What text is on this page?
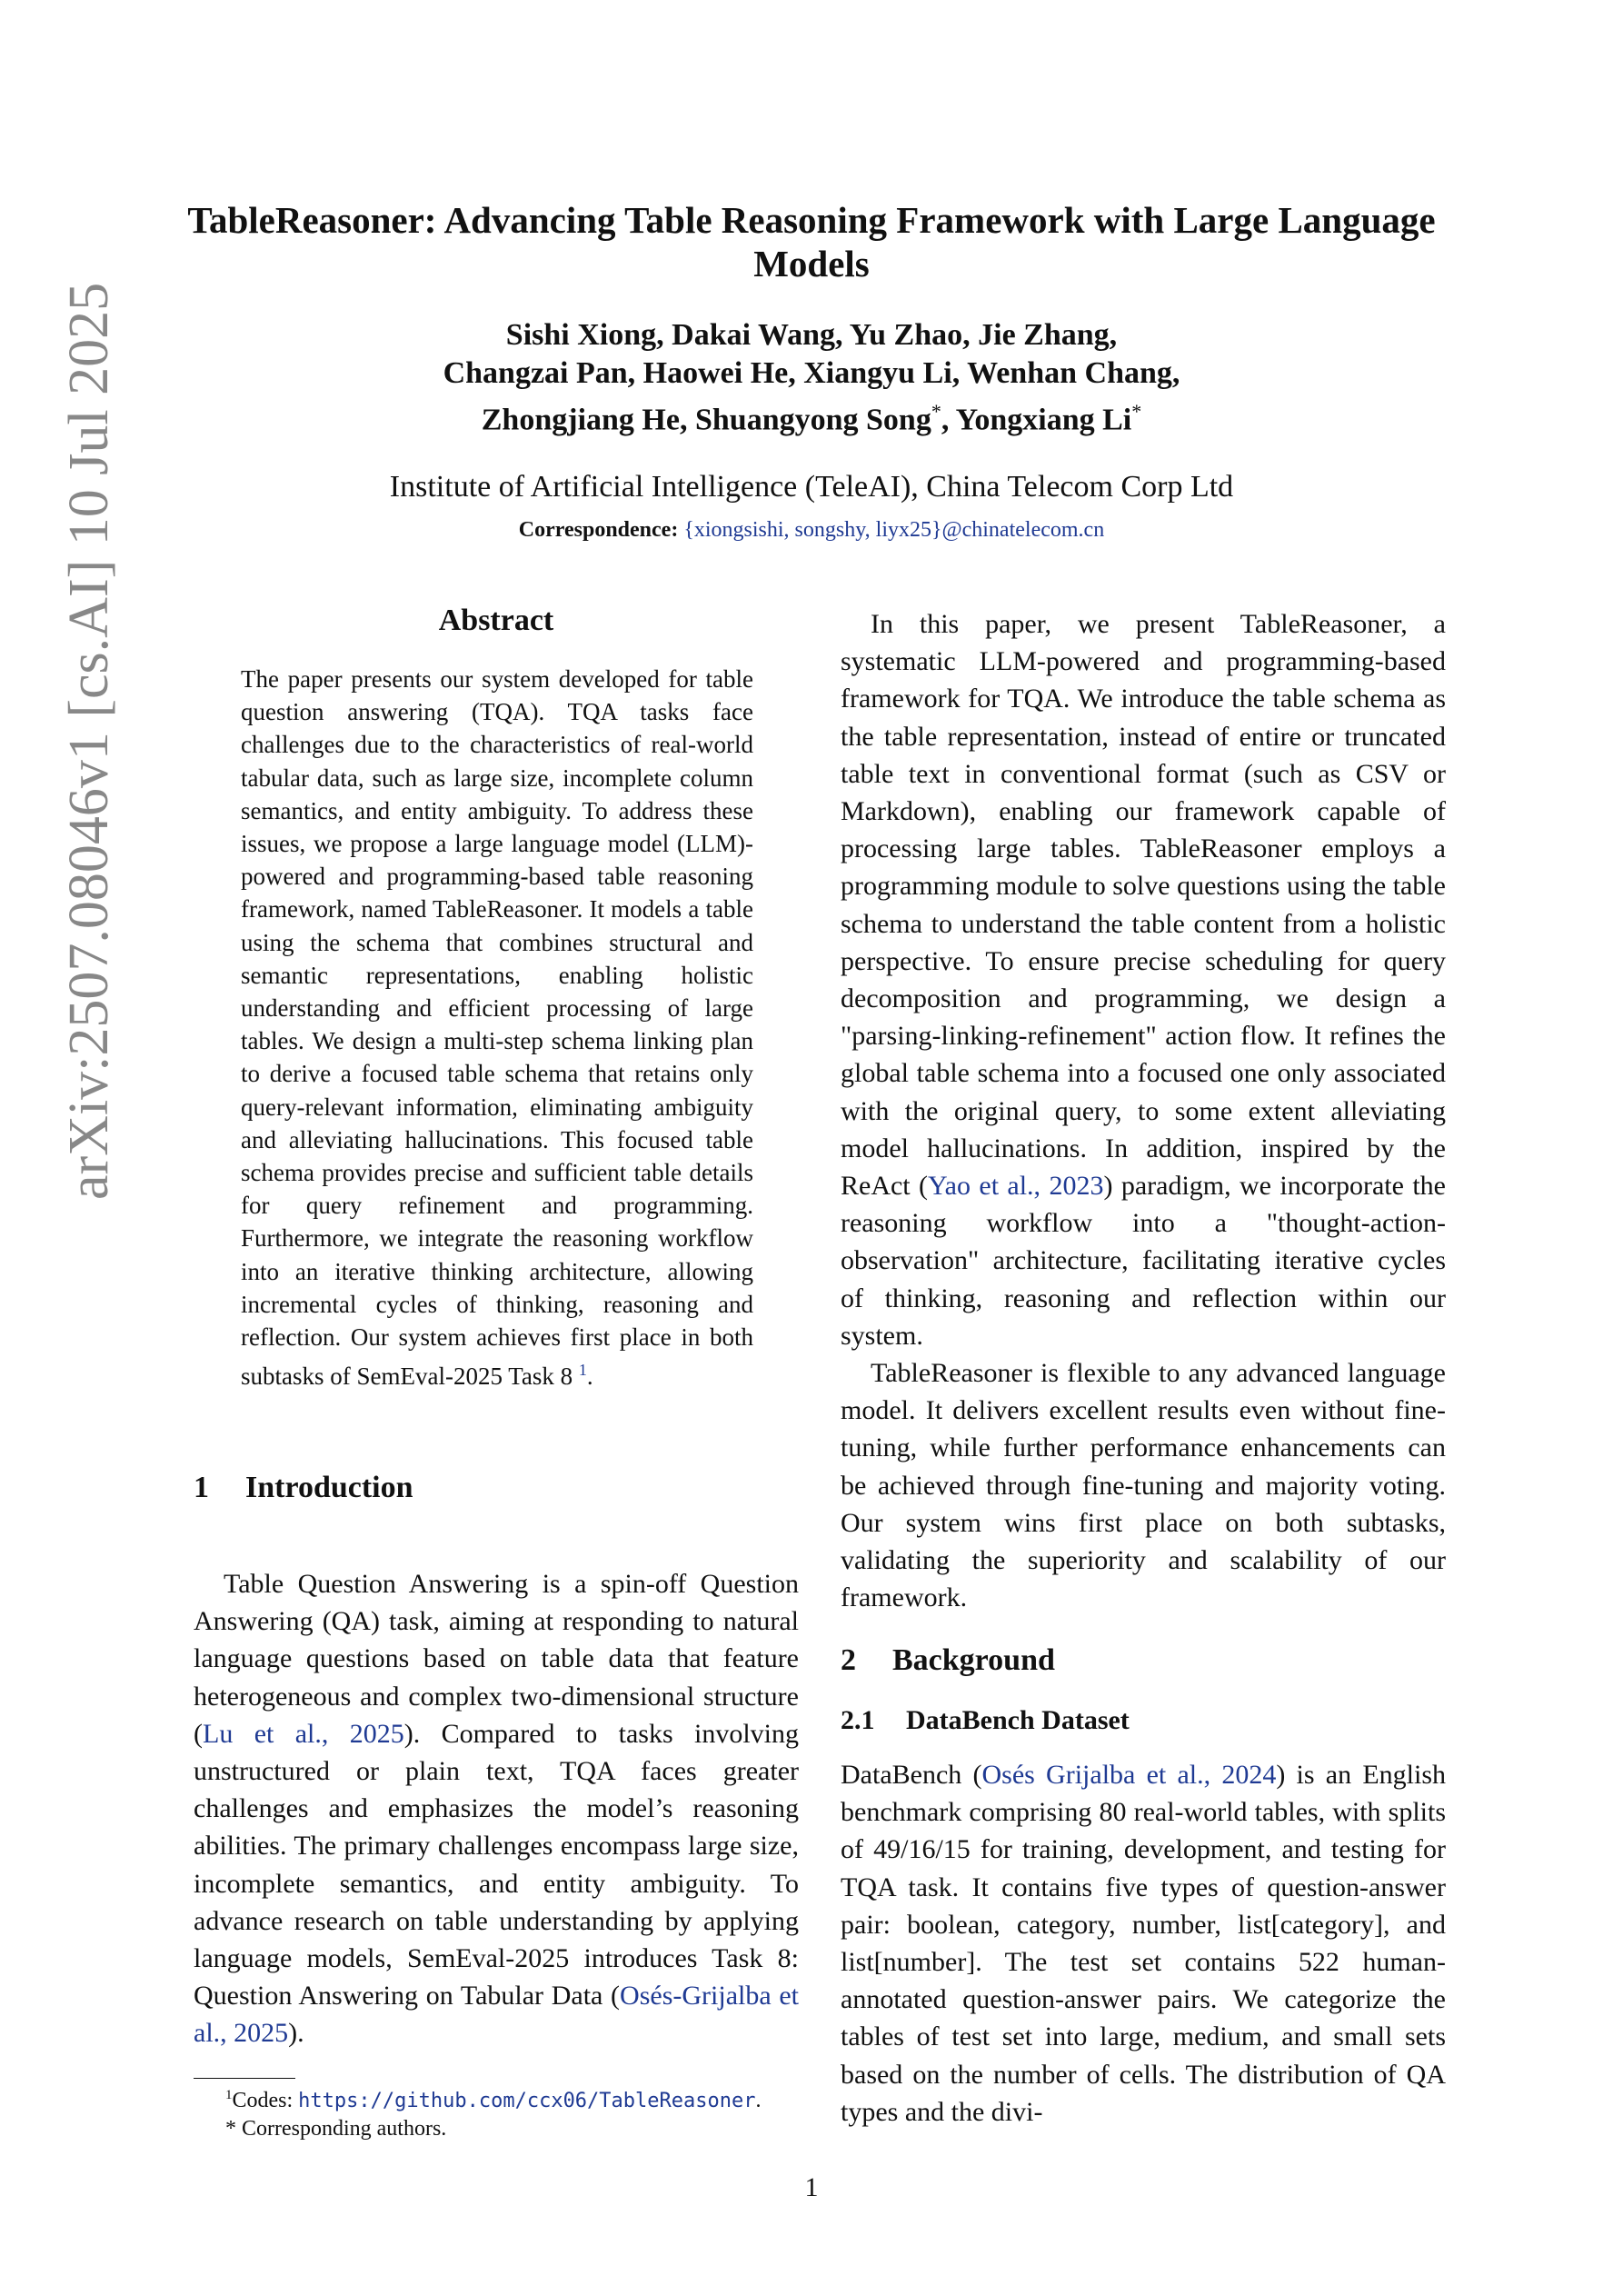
arXiv:2507.08046v1 [cs.AI] 10 Jul 2025
TableReasoner: Advancing Table Reasoning Framework with Large Language Models
Sishi Xiong, Dakai Wang, Yu Zhao, Jie Zhang,
Changzai Pan, Haowei He, Xiangyu Li, Wenhan Chang,
Zhongjiang He, Shuangyong Song*, Yongxiang Li*
Institute of Artificial Intelligence (TeleAI), China Telecom Corp Ltd
Correspondence: {xiongsishi, songshy, liyx25}@chinatelecom.cn
Abstract
The paper presents our system developed for table question answering (TQA). TQA tasks face challenges due to the characteristics of real-world tabular data, such as large size, incomplete column semantics, and entity ambiguity. To address these issues, we propose a large language model (LLM)-powered and programming-based table reasoning framework, named TableReasoner. It models a table using the schema that combines structural and semantic representations, enabling holistic understanding and efficient processing of large tables. We design a multi-step schema linking plan to derive a focused table schema that retains only query-relevant information, eliminating ambiguity and alleviating hallucinations. This focused table schema provides precise and sufficient table details for query refinement and programming. Furthermore, we integrate the reasoning workflow into an iterative thinking architecture, allowing incremental cycles of thinking, reasoning and reflection. Our system achieves first place in both subtasks of SemEval-2025 Task 8 $^1$.
1 Introduction
Table Question Answering is a spin-off Question Answering (QA) task, aiming at responding to natural language questions based on table data that feature heterogeneous and complex two-dimensional structure (Lu et al., 2025). Compared to tasks involving unstructured or plain text, TQA faces greater challenges and emphasizes the model’s reasoning abilities. The primary challenges encompass large size, incomplete semantics, and entity ambiguity. To advance research on table understanding by applying language models, SemEval-2025 introduces Task 8: Question Answering on Tabular Data (Osés-Grijalba et al., 2025).
$^1$Codes: https://github.com/ccx06/TableReasoner.
* Corresponding authors.
In this paper, we present TableReasoner, a systematic LLM-powered and programming-based framework for TQA. We introduce the table schema as the table representation, instead of entire or truncated table text in conventional format (such as CSV or Markdown), enabling our framework capable of processing large tables. TableReasoner employs a programming module to solve questions using the table schema to understand the table content from a holistic perspective. To ensure precise scheduling for query decomposition and programming, we design a "parsing-linking-refinement" action flow. It refines the global table schema into a focused one only associated with the original query, to some extent alleviating model hallucinations. In addition, inspired by the ReAct (Yao et al., 2023) paradigm, we incorporate the reasoning workflow into a "thought-action-observation" architecture, facilitating iterative cycles of thinking, reasoning and reflection within our system.
TableReasoner is flexible to any advanced language model. It delivers excellent results even without fine-tuning, while further performance enhancements can be achieved through fine-tuning and majority voting. Our system wins first place on both subtasks, validating the superiority and scalability of our framework.
2 Background
2.1 DataBench Dataset
DataBench (Osés Grijalba et al., 2024) is an English benchmark comprising 80 real-world tables, with splits of 49/16/15 for training, development, and testing for TQA task. It contains five types of question-answer pair: boolean, category, number, list[category], and list[number]. The test set contains 522 human-annotated question-answer pairs. We categorize the tables of test set into large, medium, and small sets based on the number of cells. The distribution of QA types and the divi-
1
